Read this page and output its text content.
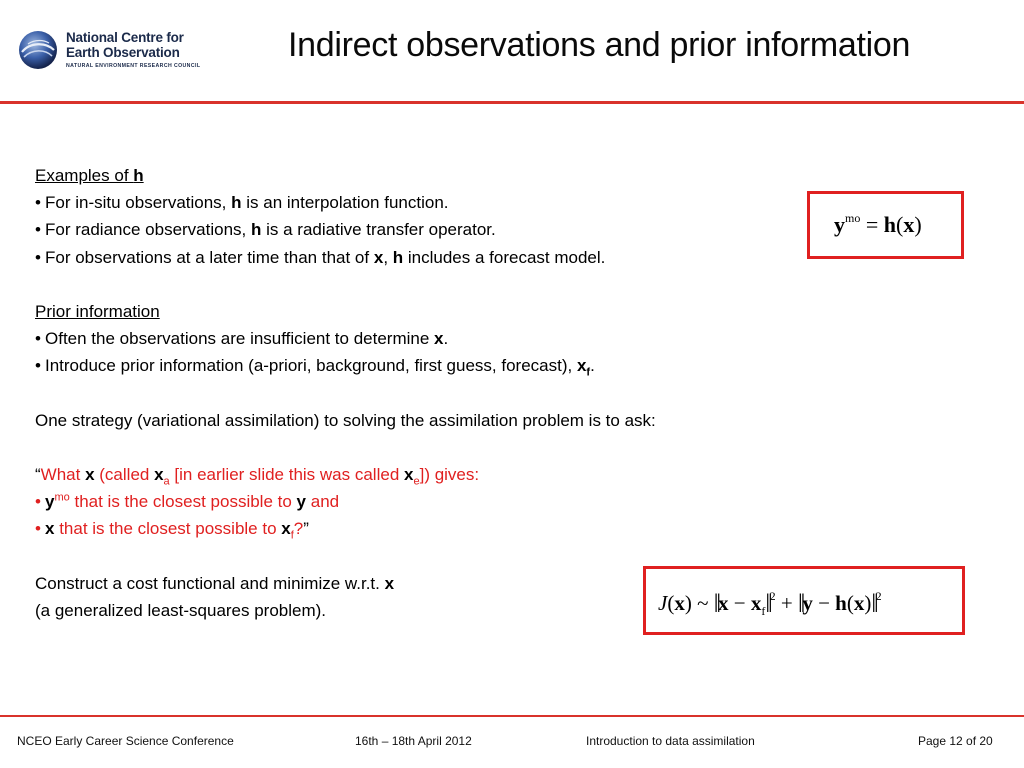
National Centre for
Earth Observation
NATURAL ENVIRONMENT RESEARCH COUNCIL
Indirect observations and prior information
Examples of h
• For in-situ observations, h is an interpolation function.
• For radiance observations, h is a radiative transfer operator.
• For observations at a later time than that of x, h includes a forecast model.
Prior information
• Often the observations are insufficient to determine x.
• Introduce prior information (a-priori, background, first guess, forecast), $x_f$.
One strategy (variational assimilation) to solving the assimilation problem is to ask:
“What x (called $x_a$ [in earlier slide this was called $x_e$]) gives:
• $y^{mo}$ that is the closest possible to y and
• x that is the closest possible to $x_f$?”
Construct a cost functional and minimize w.r.t. x
(a generalized least-squares problem).
$y^{mo} = h(x)$
J(x) ~ ‖x − $x_f‖^2$ + ‖y − h(x)‖$^2$
NCEO Early Career Science Conference	16th – 18th April 2012	Introduction to data assimilation	Page 12 of 20
